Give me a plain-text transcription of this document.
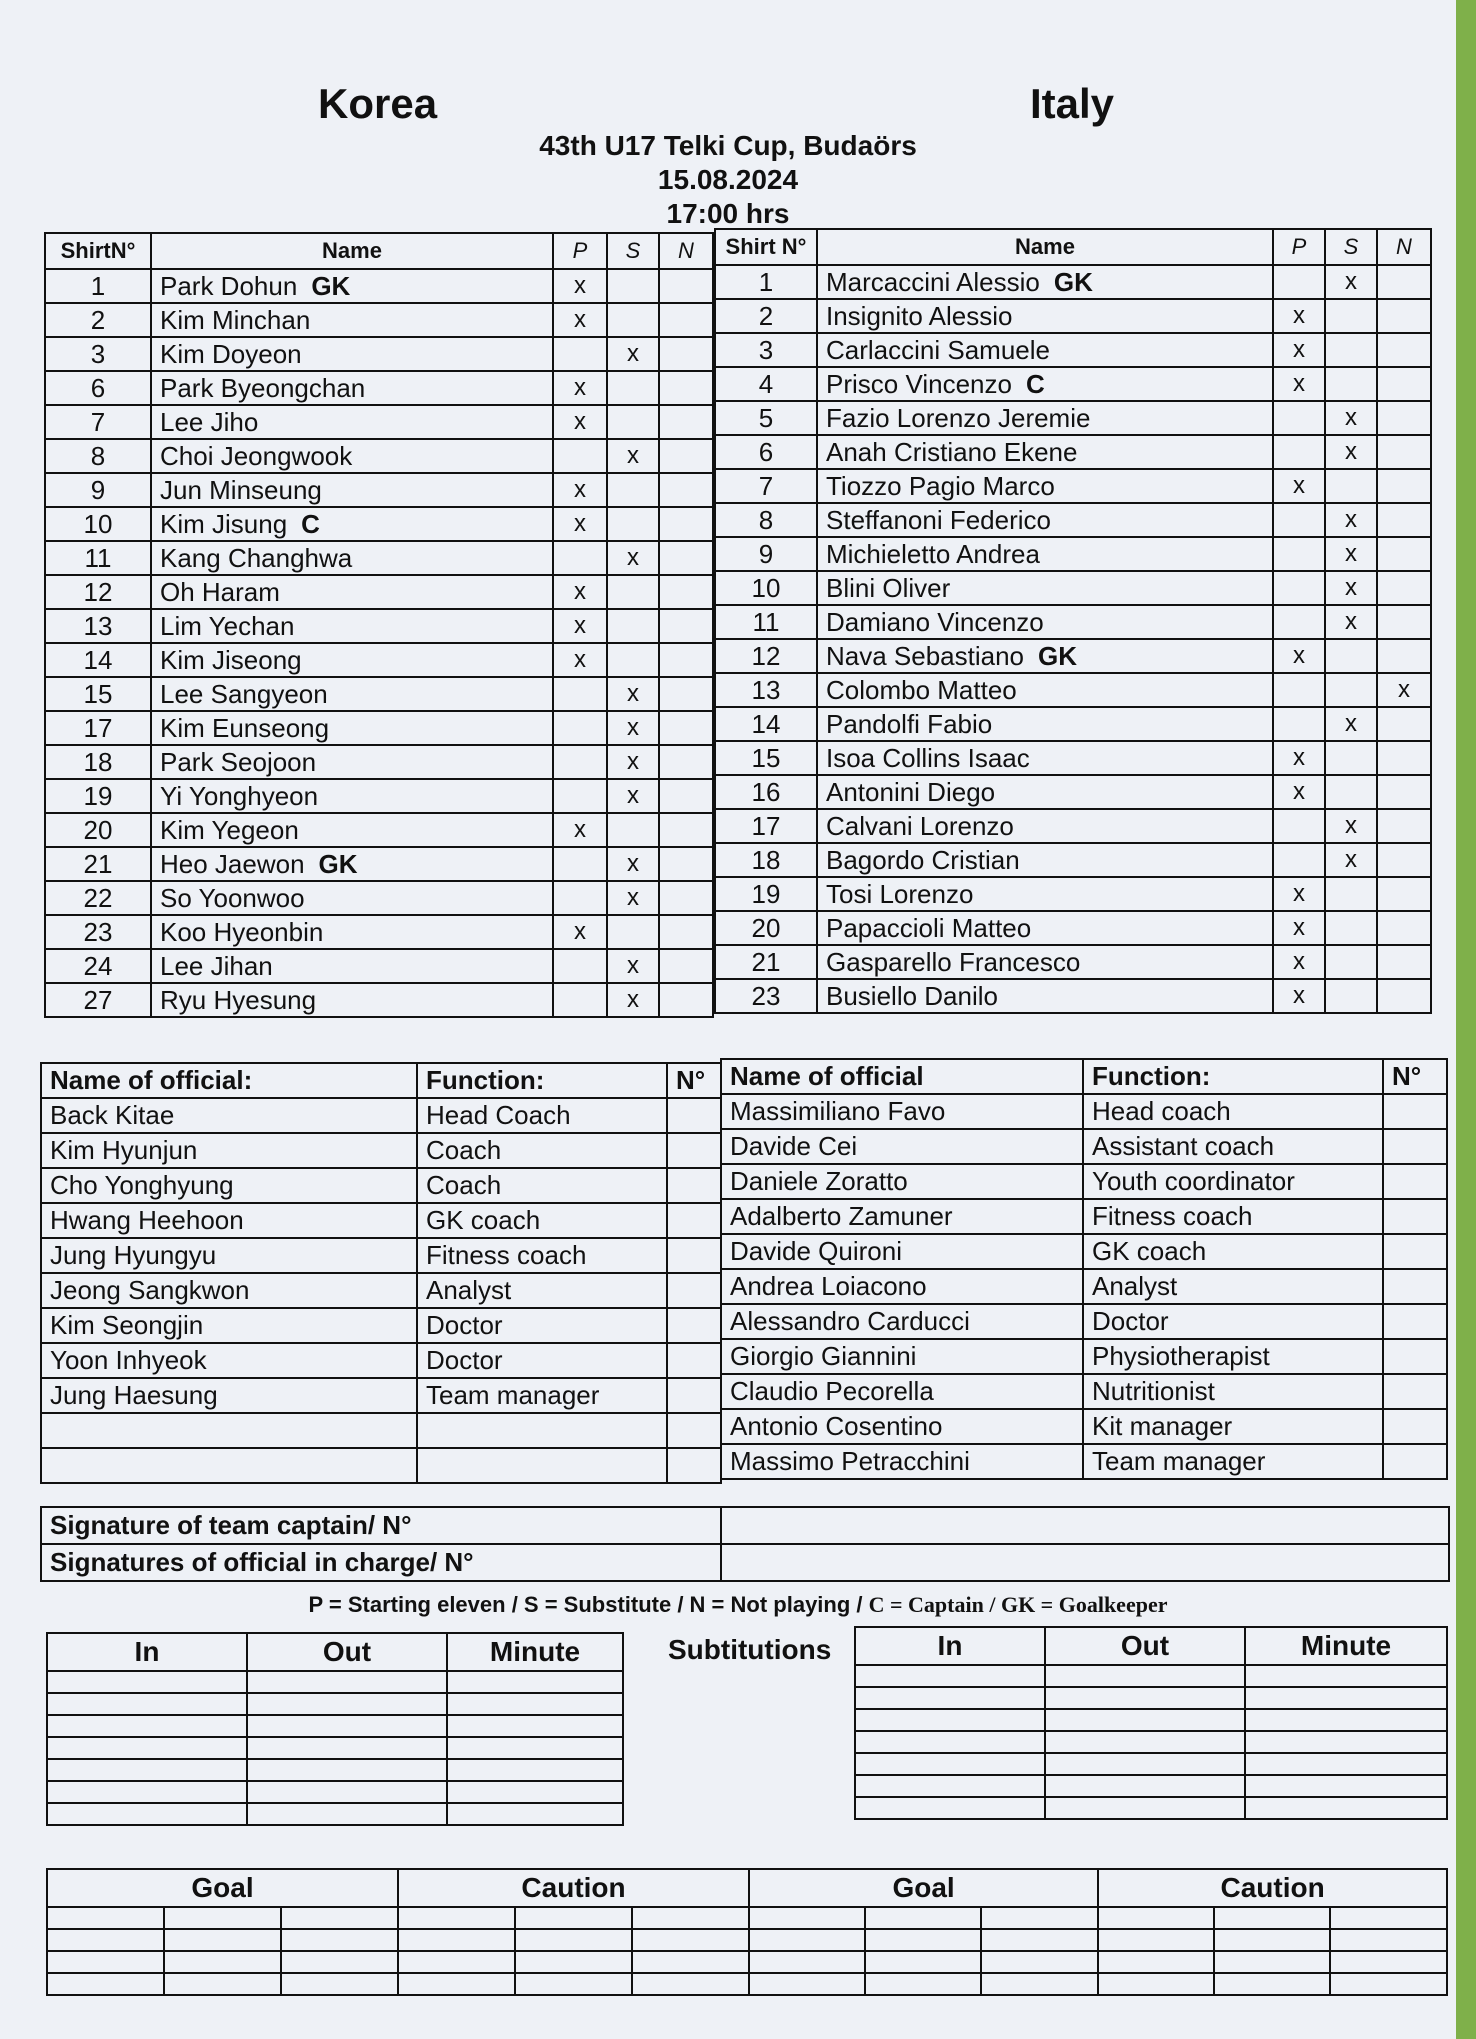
Korea	Italy
43th U17 Telki Cup, Budaörs
15.08.2024
17:00 hrs
ShirtN°	Name	P	S	N
1	Park Dohun GK	x		
2	Kim Minchan	x		
3	Kim Doyeon		x	
6	Park Byeongchan	x		
7	Lee Jiho	x		
8	Choi Jeongwook		x	
9	Jun Minseung	x		
10	Kim Jisung C	x		
11	Kang Changhwa		x	
12	Oh Haram	x		
13	Lim Yechan	x		
14	Kim Jiseong	x		
15	Lee Sangyeon		x	
17	Kim Eunseong		x	
18	Park Seojoon		x	
19	Yi Yonghyeon		x	
20	Kim Yegeon	x		
21	Heo Jaewon GK		x	
22	So Yoonwoo		x	
23	Koo Hyeonbin	x		
24	Lee Jihan		x	
27	Ryu Hyesung		x	
Shirt N°	Name	P	S	N
1	Marcaccini Alessio GK		x	
2	Insignito Alessio	x		
3	Carlaccini Samuele	x		
4	Prisco Vincenzo C	x		
5	Fazio Lorenzo Jeremie		x	
6	Anah Cristiano Ekene		x	
7	Tiozzo Pagio Marco	x		
8	Steffanoni Federico		x	
9	Michieletto Andrea		x	
10	Blini Oliver		x	
11	Damiano Vincenzo		x	
12	Nava Sebastiano GK	x		
13	Colombo Matteo			x
14	Pandolfi Fabio		x	
15	Isoa Collins Isaac	x		
16	Antonini Diego	x		
17	Calvani Lorenzo		x	
18	Bagordo Cristian		x	
19	Tosi Lorenzo	x		
20	Papaccioli Matteo	x		
21	Gasparello Francesco	x		
23	Busiello Danilo	x		
Name of official:	Function:	N°
Back Kitae	Head Coach	
Kim Hyunjun	Coach	
Cho Yonghyung	Coach	
Hwang Heehoon	GK coach	
Jung Hyungyu	Fitness coach	
Jeong Sangkwon	Analyst	
Kim Seongjin	Doctor	
Yoon Inhyeok	Doctor	
Jung Haesung	Team manager	

Name of official	Function:	N°
Massimiliano Favo	Head coach	
Davide Cei	Assistant coach	
Daniele Zoratto	Youth coordinator	
Adalberto Zamuner	Fitness coach	
Davide Quironi	GK coach	
Andrea Loiacono	Analyst	
Alessandro Carducci	Doctor	
Giorgio Giannini	Physiotherapist	
Claudio Pecorella	Nutritionist	
Antonio Cosentino	Kit manager	
Massimo Petracchini	Team manager	
Signature of team captain/ N°	
Signatures of official in charge/ N°	
P = Starting eleven / S = Substitute / N = Not playing / C = Captain / GK = Goalkeeper
In	Out	Minute

			Subtitutions	In	Out	Minute

Goal			Caution			Goal			Caution		
